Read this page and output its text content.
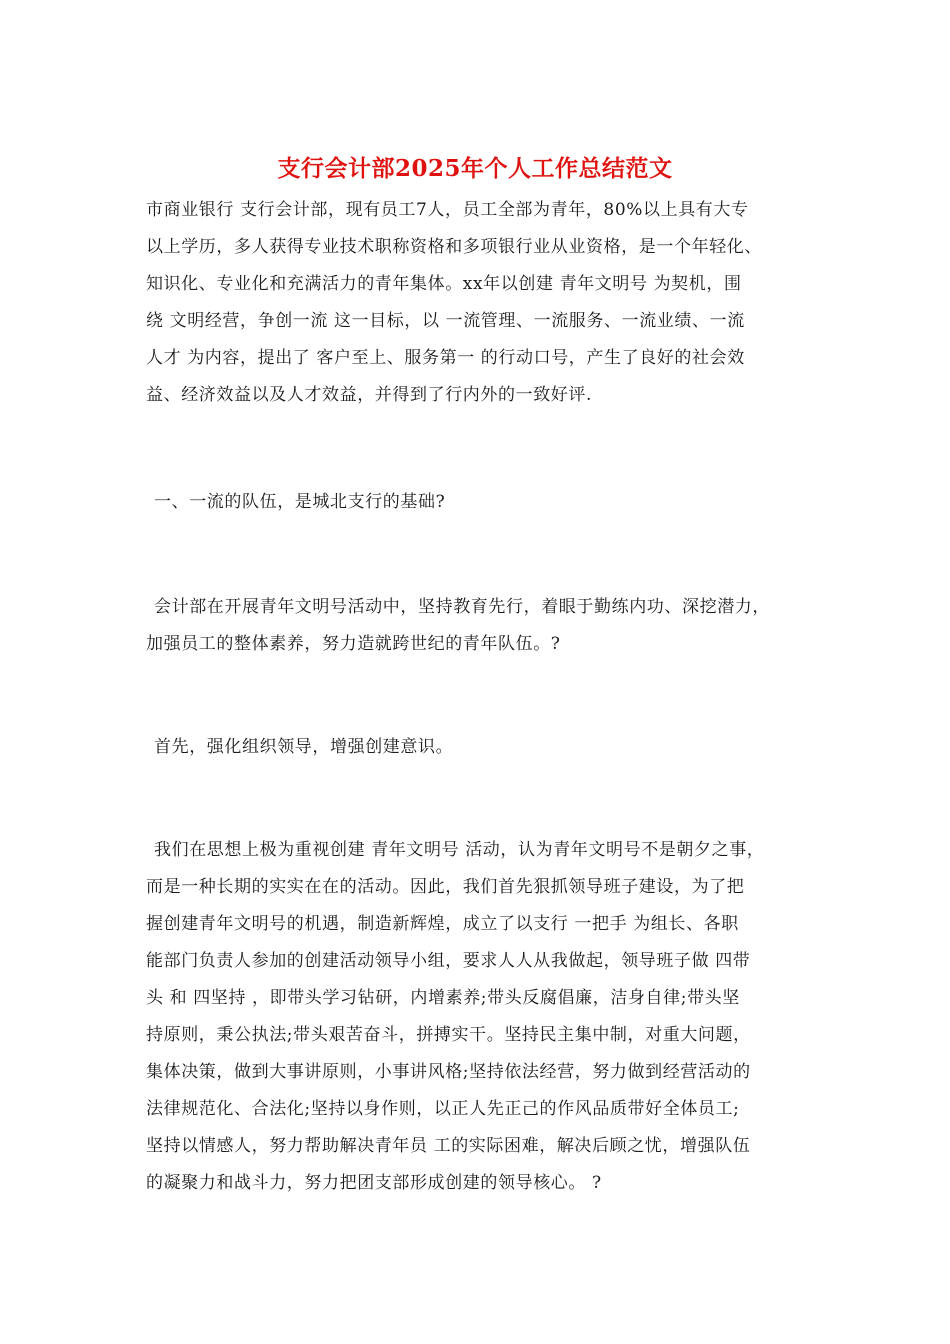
支行会计部2025年个人工作总结范文
市商业银行 支行会计部，现有员工7人，员工全部为青年，80%以上具有大专
以上学历，多人获得专业技术职称资格和多项银行业从业资格，是一个年轻化、
知识化、专业化和充满活力的青年集体。xx年以创建 青年文明号 为契机，围
绕 文明经营，争创一流 这一目标，以 一流管理、一流服务、一流业绩、一流
人才 为内容，提出了 客户至上、服务第一 的行动口号，产生了良好的社会效
益、经济效益以及人才效益，并得到了行内外的一致好评.
一、一流的队伍，是城北支行的基础?
会计部在开展青年文明号活动中，坚持教育先行，着眼于勤练内功、深挖潜力，
加强员工的整体素养，努力造就跨世纪的青年队伍。?
首先，强化组织领导，增强创建意识。
我们在思想上极为重视创建 青年文明号 活动，认为青年文明号不是朝夕之事，
而是一种长期的实实在在的活动。因此，我们首先狠抓领导班子建设，为了把
握创建青年文明号的机遇，制造新辉煌，成立了以支行 一把手 为组长、各职
能部门负责人参加的创建活动领导小组，要求人人从我做起，领导班子做 四带
头 和 四坚持 ，即带头学习钻研，内增素养;带头反腐倡廉，洁身自律;带头坚
持原则，秉公执法;带头艰苦奋斗，拼搏实干。坚持民主集中制，对重大问题，
集体决策，做到大事讲原则，小事讲风格;坚持依法经营，努力做到经营活动的
法律规范化、合法化;坚持以身作则，以正人先正己的作风品质带好全体员工;
坚持以情感人，努力帮助解决青年员 工的实际困难，解决后顾之忧，增强队伍
的凝聚力和战斗力，努力把团支部形成创建的领导核心。 ?
